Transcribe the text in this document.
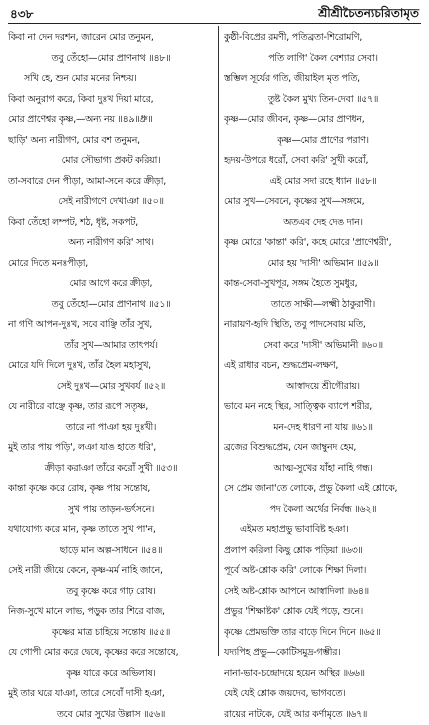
৪৩৮	শ্রীশ্রীচৈতন্যচরিতামৃত
কিবা না দেন দরশন, জারেন মোর তনুমন,
তবু তেঁহো—মোর প্রাণনাথ ॥৪৮॥
সখি হে, শুন মোর মনের নিশ্চয়।
কিবা অনুরাগ করে, কিবা দুঃখ দিয়া মারে,
মোর প্রাণেশ্বর কৃষ্ণ,—অন্য নয় ॥৪৯॥ধ্রু॥
ছাড়ি' অন্য নারীগণ, মোর বশ তনুমন,
মোর সৌভাগ্য প্রকট করিয়া।
তা-সবারে দেন পীড়া, আমা-সনে করে ক্রীড়া,
সেই নারীগণে দেখাঞা ॥৫০॥
কিবা তেঁহো লম্পট, শঠ, ধৃষ্ট, সকপট,
অন্য নারীগণ করি' সাথ।
মোরে দিতে মনঃপীড়া,
মোর আগে করে ক্রীড়া,
তবু তেঁহো—মোর প্রাণনাথ ॥৫১॥
না গণি আপন-দুঃখ, সবে বাঞ্ছি তাঁর সুখ,
তাঁর সুখ—আমার তাৎপর্য।
মোরে যদি দিলে দুঃখ, তাঁর হৈল মহাসুখ,
সেই দুঃখ—মোর সুখবর্য ॥৫২॥
যে নারীরে বাঞ্ছে কৃষ্ণ, তার রূপে সতৃষ্ণ,
তারে না পাঞা হয় দুঃখী।
মুই তার পায় পড়ি', লঞা যাঙ হাতে ধরি',
ক্রীড়া করাঞা তাঁরে করোঁ সুখী ॥৫৩॥
কান্তা কৃষ্ণে করে রোষ, কৃষ্ণ পায় সন্তোষ,
সুখ পায় তাড়ন-ভর্ৎসনে।
যথাযোগ্য করে মান, কৃষ্ণ তাতে সুখ পা'ন,
ছাড়ে মান অল্প-সাধনে ॥৫৪॥
সেই নারী জীয়ে কেনে, কৃষ্ণ-মর্ম নাহি জানে,
তবু কৃষ্ণে করে গাঢ় রোষ।
নিজ-সুখে মানে লাভ, পড়ুক তার শিরে বাজ,
কৃষ্ণের মাত্র চাহিয়ে সন্তোষ ॥৫৫॥
যে গোপী মোর করে দ্বেষে, কৃষ্ণের করে সন্তোষে,
কৃষ্ণ যারে করে অভিলাষ।
মুই তার ঘরে যাঞা, তারে সেবোঁ দাসী হঞা,
তবে মোর সুখের উল্লাস ॥৫৬॥
কুষ্ঠী-বিপ্রের রমণী, পতিব্রতা-শিরোমণি,
পতি লাগি' কৈল বেশ্যার সেবা।
স্তম্ভিল সূর্যের গতি, জীয়াইল মৃত পতি,
তুষ্ট কৈল মুখ্য তিন-দেবা ॥৫৭॥
কৃষ্ণ—মোর জীবন, কৃষ্ণ—মোর প্রাণধন,
কৃষ্ণ—মোর প্রাণের পরাণ।
হৃদয়-উপরে ধরোঁ, সেবা করি' সুখী করোঁ,
এই মোর সদা রহে ধ্যান ॥৫৮॥
মোর সুখ—সেবনে, কৃষ্ণের সুখ—সঙ্গমে,
অতএব দেহ দেঙ দান।
কৃষ্ণ মোরে 'কান্তা' করি', কহে মোরে 'প্রাণেশ্বরী',
মোর হয় 'দাসী' অভিমান ॥৫৯॥
কান্ত-সেবা-সুখপূর, সঙ্গম হৈতে সুমধুর,
তাতে সাক্ষী—লক্ষ্মী ঠাকুরাণী।
নারায়ণ-হৃদি স্থিতি, তবু পাদসেবায় মতি,
সেবা করে 'দাসী' অভিমানী ॥৬০॥
এই রাধার বচন, শুদ্ধপ্রেম-লক্ষণ,
আস্বাদয়ে শ্রীগৌরায়।
ভাবে মন নহে স্থির, সাত্ত্বিক ব্যাপে শরীর,
মন-দেহ ধারণ না যায় ॥৬১॥
ব্রজের বিশুদ্ধপ্রেম, যেন জাম্বুনদ হেম,
আত্ম-সুখের যাঁহা নাহি গন্ধ।
সে প্রেম জানা'তে লোকে, প্রভু কৈলা এই শ্লোকে,
পদ কৈলা অর্থের নির্বন্ধ ॥৬২॥
এইমত মহাপ্রভু ভাবাবিষ্ট হঞা।
প্রলাপ করিলা কিছু শ্লোক পড়িয়া ॥৬৩॥
পূর্বে অষ্ট-শ্লোক করি' লোকে শিক্ষা দিলা।
সেই অষ্ট-শ্লোক আপনে আস্বাদিলা ॥৬৪॥
প্রভুর 'শিক্ষাষ্টক' শ্লোক যেই পড়ে, শুনে।
কৃষ্ণে প্রেমভক্তি তার বাড়ে দিনে দিনে ॥৬৫॥
যদ্যপিহ প্রভু—কোটিসমুদ্র-গম্ভীর।
নানা-ভাব-চন্দ্রোদয়ে হয়েন অস্থির ॥৬৬॥
যেই যেই শ্লোক জয়দেব, ভাগবতে।
রায়ের নাটকে, যেই আর কর্ণামৃতে ॥৬৭॥
